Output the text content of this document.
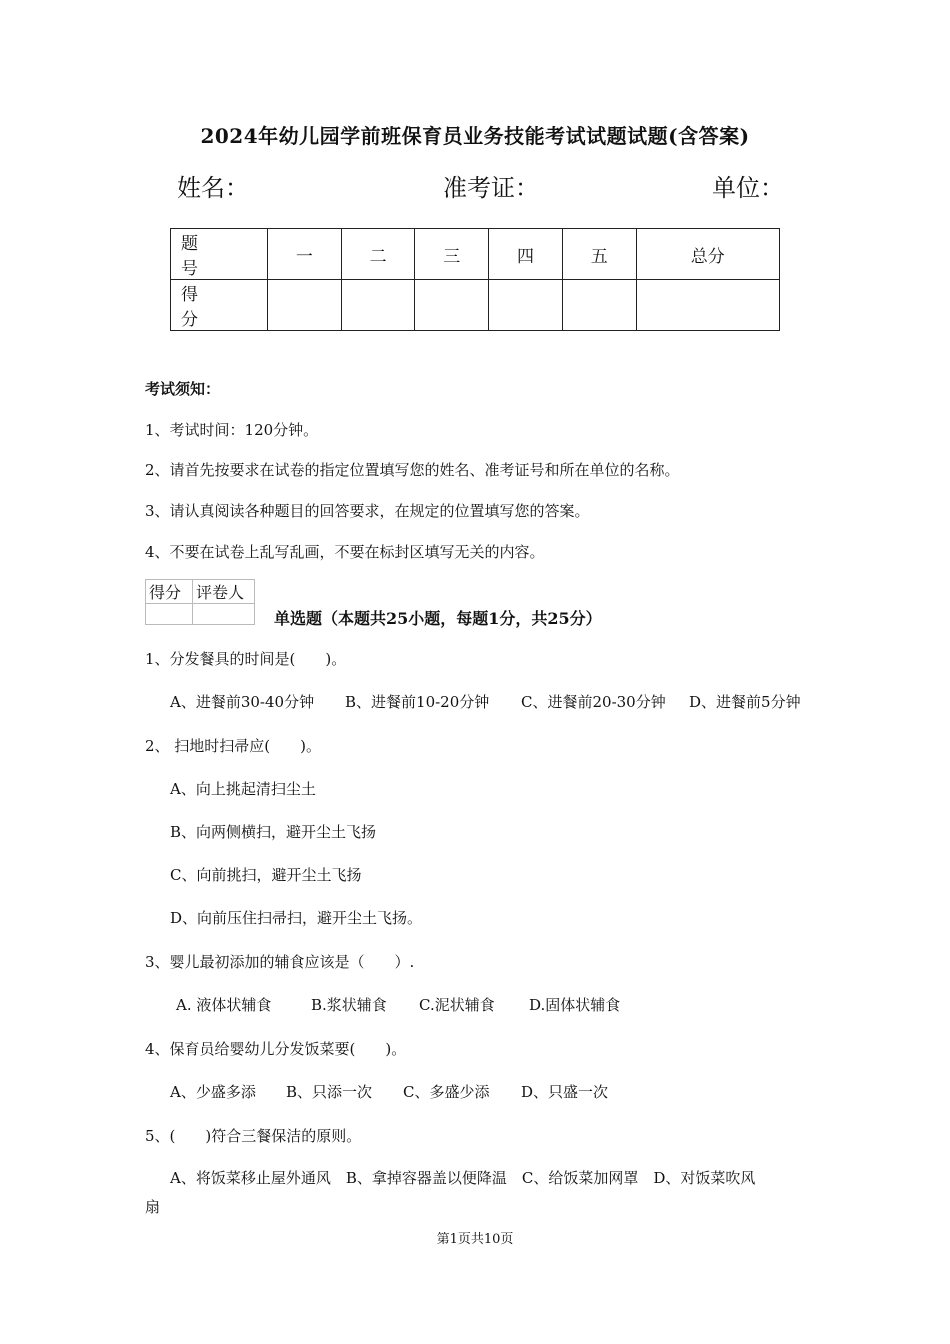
2024年幼儿园学前班保育员业务技能考试试题试题(含答案)
姓名：	准考证：	单位：
题　号	一	二	三	四	五	总分
得　分						
考试须知：
1、考试时间：120分钟。
2、请首先按要求在试卷的指定位置填写您的姓名、准考证号和所在单位的名称。
3、请认真阅读各种题目的回答要求，在规定的位置填写您的答案。
4、不要在试卷上乱写乱画，不要在标封区填写无关的内容。
得分	评卷人

单选题（本题共25小题，每题1分，共25分）
1、分发餐具的时间是(　　)。
A、进餐前30-40分钟 B、进餐前10-20分钟 C、进餐前20-30分钟 D、进餐前5分钟
2、 扫地时扫帚应(　　)。
A、向上挑起清扫尘土
B、向两侧横扫，避开尘土飞扬
C、向前挑扫，避开尘土飞扬
D、向前压住扫帚扫，避开尘土飞扬。
3、婴儿最初添加的辅食应该是（　　）.
A. 液体状辅食	B.浆状辅食 C.泥状辅食 D.固体状辅食
4、保育员给婴幼儿分发饭菜要(　　)。
A、少盛多添 B、只添一次 C、多盛少添 D、只盛一次
5、(　　)符合三餐保洁的原则。
A、将饭菜移止屋外通风　B、拿掉容器盖以便降温　C、给饭菜加网罩　D、对饭菜吹风
扇
第1页共10页
